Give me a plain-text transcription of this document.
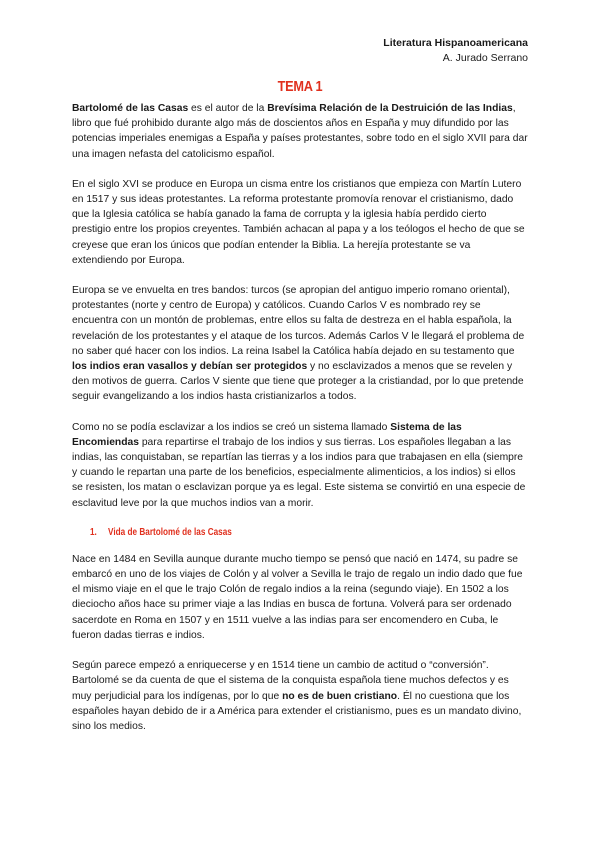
Literatura Hispanoamericana
A. Jurado Serrano
TEMA 1

Bartolomé de las Casas es el autor de la Brevísima Relación de la Destruición de las Indias, libro que fué prohibido durante algo más de doscientos años en España y muy difundido por las potencias imperiales enemigas a España y países protestantes, sobre todo en el siglo XVII para dar una imagen nefasta del catolicismo español.

En el siglo XVI se produce en Europa un cisma entre los cristianos que empieza con Martín Lutero en 1517 y sus ideas protestantes. La reforma protestante promovía renovar el cristianismo, dado que la Iglesia católica se había ganado la fama de corrupta y la iglesia había perdido cierto prestigio entre los propios creyentes. También achacan al papa y a los teólogos el hecho de que se creyese que eran los únicos que podían entender la Biblia. La herejía protestante se va extendiendo por Europa.

Europa se ve envuelta en tres bandos: turcos (se apropian del antiguo imperio romano oriental), protestantes (norte y centro de Europa) y católicos. Cuando Carlos V es nombrado rey se encuentra con un montón de problemas, entre ellos su falta de destreza en el habla española, la revelación de los protestantes y el ataque de los turcos. Además Carlos V le llegará el problema de no saber qué hacer con los indios. La reina Isabel la Católica había dejado en su testamento que los indios eran vasallos y debían ser protegidos y no esclavizados a menos que se revelen y den motivos de guerra. Carlos V siente que tiene que proteger a la cristiandad, por lo que pretende seguir evangelizando a los indios hasta cristianizarlos a todos.

Como no se podía esclavizar a los indios se creó un sistema llamado Sistema de las Encomiendas para repartirse el trabajo de los indios y sus tierras. Los españoles llegaban a las indias, las conquistaban, se repartían las tierras y a los indios para que trabajasen en ella (siempre y cuando le repartan una parte de los beneficios, especialmente alimenticios, a los indios) si ellos se resisten, los matan o esclavizan porque ya es legal. Este sistema se convirtió en una especie de esclavitud leve por la que muchos indios van a morir.

1. Vida de Bartolomé de las Casas

Nace en 1484 en Sevilla aunque durante mucho tiempo se pensó que nació en 1474, su padre se embarcó en uno de los viajes de Colón y al volver a Sevilla le trajo de regalo un indio dado que fue el mismo viaje en el que le trajo Colón de regalo indios a la reina (segundo viaje). En 1502 a los dieciocho años hace su primer viaje a las Indias en busca de fortuna. Volverá para ser ordenado sacerdote en Roma en 1507 y en 1511 vuelve a las indias para ser encomendero en Cuba, le fueron dadas tierras e indios.

Según parece empezó a enriquecerse y en 1514 tiene un cambio de actitud o “conversión”. Bartolomé se da cuenta de que el sistema de la conquista española tiene muchos defectos y es muy perjudicial para los indígenas, por lo que no es de buen cristiano. Él no cuestiona que los españoles hayan debido de ir a América para extender el cristianismo, pues es un mandato divino, sino los medios.
